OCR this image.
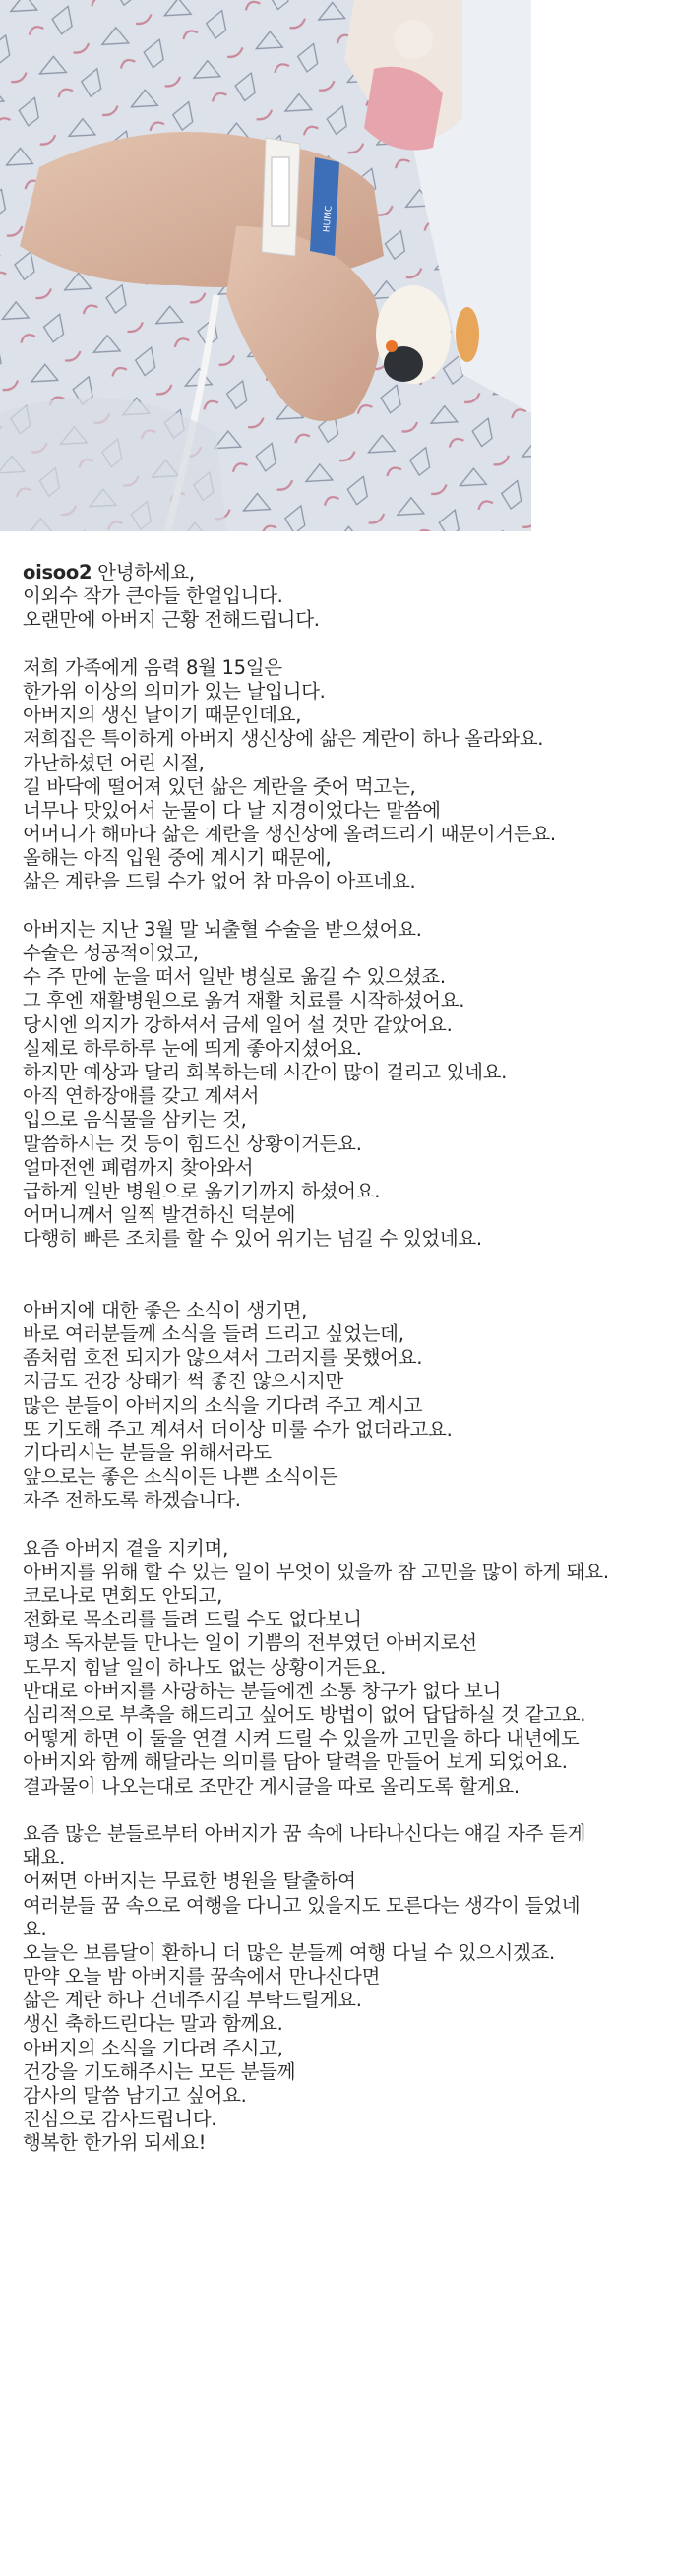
HUMC
oisoo2 안녕하세요,
이외수 작가 큰아들 한얼입니다.
오랜만에 아버지 근황 전해드립니다.
저희 가족에게 음력 8월 15일은
한가위 이상의 의미가 있는 날입니다.
아버지의 생신 날이기 때문인데요,
저희집은 특이하게 아버지 생신상에 삶은 계란이 하나 올라와요.
가난하셨던 어린 시절,
길 바닥에 떨어져 있던 삶은 계란을 줏어 먹고는,
너무나 맛있어서 눈물이 다 날 지경이었다는 말씀에
어머니가 해마다 삶은 계란을 생신상에 올려드리기 때문이거든요.
올해는 아직 입원 중에 계시기 때문에,
삶은 계란을 드릴 수가 없어 참 마음이 아프네요.
아버지는 지난 3월 말 뇌출혈 수술을 받으셨어요.
수술은 성공적이었고,
수 주 만에 눈을 떠서 일반 병실로 옮길 수 있으셨죠.
그 후엔 재활병원으로 옮겨 재활 치료를 시작하셨어요.
당시엔 의지가 강하셔서 금세 일어 설 것만 같았어요.
실제로 하루하루 눈에 띄게 좋아지셨어요.
하지만 예상과 달리 회복하는데 시간이 많이 걸리고 있네요.
아직 연하장애를 갖고 계셔서
입으로 음식물을 삼키는 것,
말씀하시는 것 등이 힘드신 상황이거든요.
얼마전엔 폐렴까지 찾아와서
급하게 일반 병원으로 옮기기까지 하셨어요.
어머니께서 일찍 발견하신 덕분에
다행히 빠른 조치를 할 수 있어 위기는 넘길 수 있었네요.
아버지에 대한 좋은 소식이 생기면,
바로 여러분들께 소식을 들려 드리고 싶었는데,
좀처럼 호전 되지가 않으셔서 그러지를 못했어요.
지금도 건강 상태가 썩 좋진 않으시지만
많은 분들이 아버지의 소식을 기다려 주고 계시고
또 기도해 주고 계셔서 더이상 미룰 수가 없더라고요.
기다리시는 분들을 위해서라도
앞으로는 좋은 소식이든 나쁜 소식이든
자주 전하도록 하겠습니다.
요즘 아버지 곁을 지키며,
아버지를 위해 할 수 있는 일이 무엇이 있을까 참 고민을 많이 하게 돼요.
코로나로 면회도 안되고,
전화로 목소리를 들려 드릴 수도 없다보니
평소 독자분들 만나는 일이 기쁨의 전부였던 아버지로선
도무지 힘날 일이 하나도 없는 상황이거든요.
반대로 아버지를 사랑하는 분들에겐 소통 창구가 없다 보니
심리적으로 부축을 해드리고 싶어도 방법이 없어 답답하실 것 같고요.
어떻게 하면 이 둘을 연결 시켜 드릴 수 있을까 고민을 하다 내년에도
아버지와 함께 해달라는 의미를 담아 달력을 만들어 보게 되었어요.
결과물이 나오는대로 조만간 게시글을 따로 올리도록 할게요.
요즘 많은 분들로부터 아버지가 꿈 속에 나타나신다는 얘길 자주 듣게
돼요.
어쩌면 아버지는 무료한 병원을 탈출하여
여러분들 꿈 속으로 여행을 다니고 있을지도 모른다는 생각이 들었네
요.
오늘은 보름달이 환하니 더 많은 분들께 여행 다닐 수 있으시겠죠.
만약 오늘 밤 아버지를 꿈속에서 만나신다면
삶은 계란 하나 건네주시길 부탁드릴게요.
생신 축하드린다는 말과 함께요.
아버지의 소식을 기다려 주시고,
건강을 기도해주시는 모든 분들께
감사의 말씀 남기고 싶어요.
진심으로 감사드립니다.
행복한 한가위 되세요!
